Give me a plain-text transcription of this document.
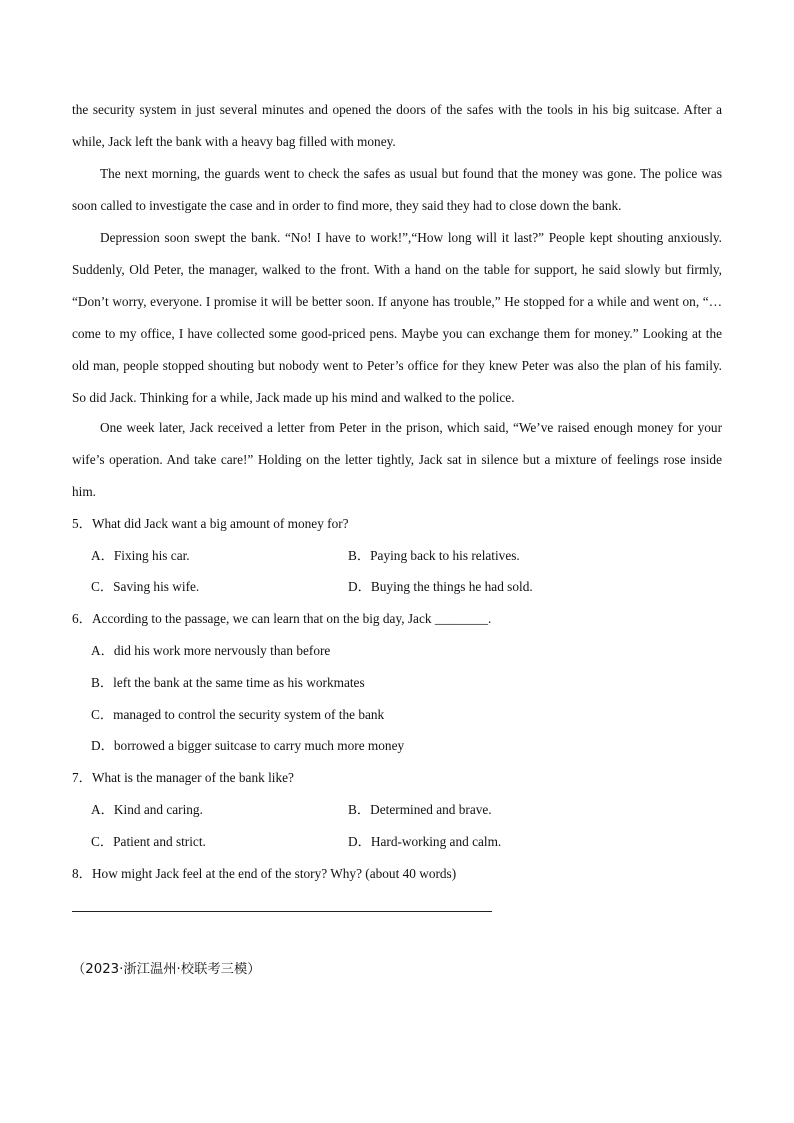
the security system in just several minutes and opened the doors of the safes with the tools in his big suitcase. After a while, Jack left the bank with a heavy bag filled with money.

The next morning, the guards went to check the safes as usual but found that the money was gone. The police was soon called to investigate the case and in order to find more, they said they had to close down the bank.

Depression soon swept the bank. “No! I have to work!”,“How long will it last?” People kept shouting anxiously. Suddenly, Old Peter, the manager, walked to the front. With a hand on the table for support, he said slowly but firmly, “Don’t worry, everyone. I promise it will be better soon. If anyone has trouble,” He stopped for a while and went on, “… come to my office, I have collected some good-priced pens. Maybe you can exchange them for money.” Looking at the old man, people stopped shouting but nobody went to Peter’s office for they knew Peter was also the plan of his family. So did Jack. Thinking for a while, Jack made up his mind and walked to the police.

One week later, Jack received a letter from Peter in the prison, which said, “We’ve raised enough money for your wife’s operation. And take care!” Holding on the letter tightly, Jack sat in silence but a mixture of feelings rose inside him.

5．What did Jack want a big amount of money for?
A．Fixing his car.	B．Paying back to his relatives.
C．Saving his wife.	D．Buying the things he had sold.
6．According to the passage, we can learn that on the big day, Jack ________.
A．did his work more nervously than before
B．left the bank at the same time as his workmates
C．managed to control the security system of the bank
D．borrowed a bigger suitcase to carry much more money
7．What is the manager of the bank like?
A．Kind and caring.	B．Determined and brave.
C．Patient and strict.	D．Hard-working and calm.
8．How might Jack feel at the end of the story? Why? (about 40 words)
（2023·浙江温州·校联考三模）
